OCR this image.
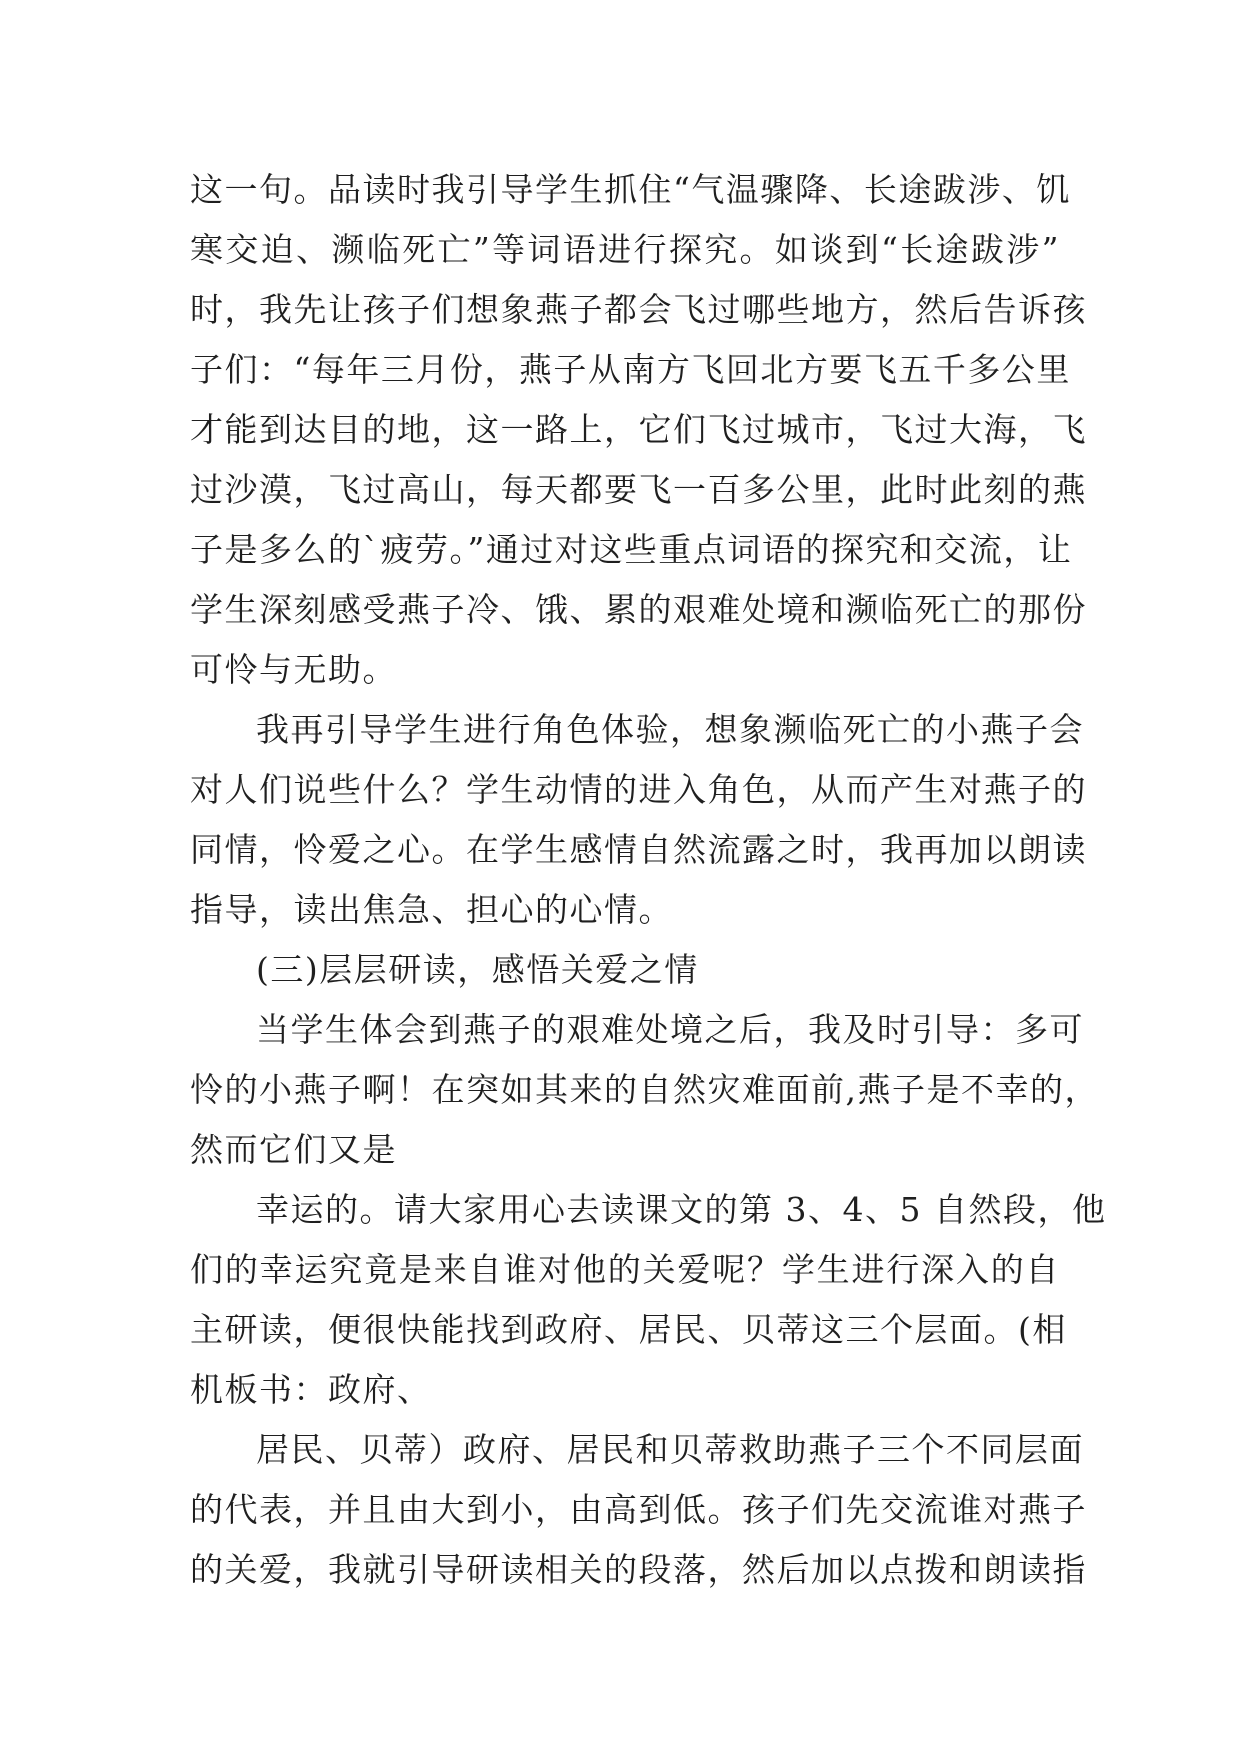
这一句。品读时我引导学生抓住“气温骤降、长途跋涉、饥
寒交迫、濒临死亡”等词语进行探究。如谈到“长途跋涉”
时，我先让孩子们想象燕子都会飞过哪些地方，然后告诉孩
子们：“每年三月份，燕子从南方飞回北方要飞五千多公里
才能到达目的地，这一路上，它们飞过城市，飞过大海，飞
过沙漠，飞过高山，每天都要飞一百多公里，此时此刻的燕
子是多么的`疲劳。”通过对这些重点词语的探究和交流，让
学生深刻感受燕子冷、饿、累的艰难处境和濒临死亡的那份
可怜与无助。
我再引导学生进行角色体验，想象濒临死亡的小燕子会
对人们说些什么？学生动情的进入角色，从而产生对燕子的
同情，怜爱之心。在学生感情自然流露之时，我再加以朗读
指导，读出焦急、担心的心情。
(三)层层研读，感悟关爱之情
当学生体会到燕子的艰难处境之后，我及时引导：多可
怜的小燕子啊！在突如其来的自然灾难面前,燕子是不幸的，
然而它们又是
幸运的。请大家用心去读课文的第 3、4、5 自然段，他
们的幸运究竟是来自谁对他的关爱呢？学生进行深入的自
主研读，便很快能找到政府、居民、贝蒂这三个层面。(相
机板书：政府、
居民、贝蒂）政府、居民和贝蒂救助燕子三个不同层面
的代表，并且由大到小，由高到低。孩子们先交流谁对燕子
的关爱，我就引导研读相关的段落，然后加以点拨和朗读指
